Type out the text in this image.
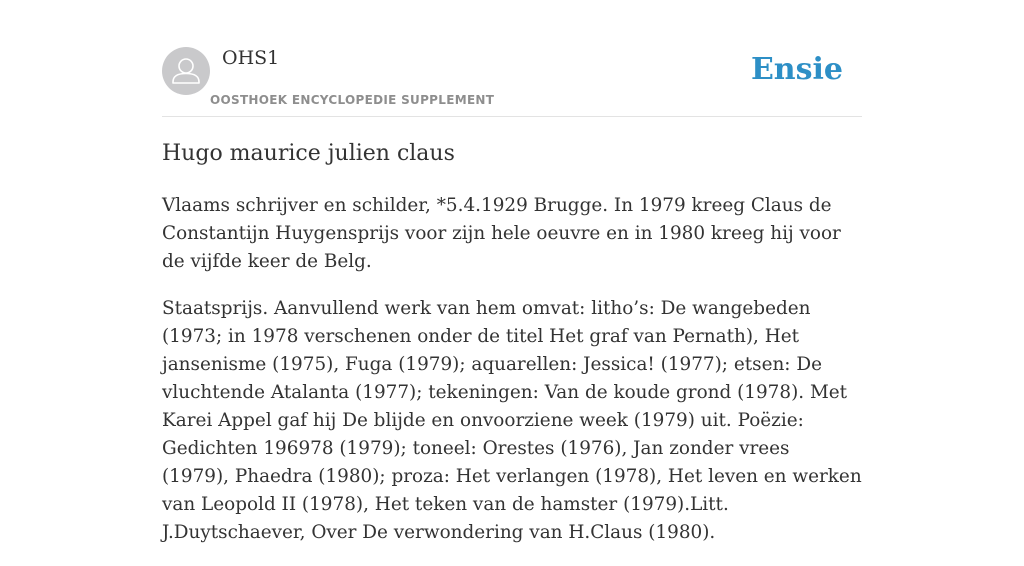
OHS1
OOSTHOEK ENCYCLOPEDIE SUPPLEMENT
Ensie
Hugo maurice julien claus

Vlaams schrijver en schilder, *5.4.1929 Brugge. In 1979 kreeg Claus de Constantijn Huygensprijs voor zijn hele oeuvre en in 1980 kreeg hij voor de vijfde keer de Belg.

Staatsprijs. Aanvullend werk van hem omvat: litho’s: De wangebeden (1973; in 1978 verschenen onder de titel Het graf van Pernath), Het jansenisme (1975), Fuga (1979); aquarellen: Jessica! (1977); etsen: De vluchtende Atalanta (1977); tekeningen: Van de koude grond (1978). Met Karei Appel gaf hij De blijde en onvoorziene week (1979) uit. Poëzie: Gedichten 196978 (1979); toneel: Orestes (1976), Jan zonder vrees (1979), Phaedra (1980); proza: Het verlangen (1978), Het leven en werken van Leopold II (1978), Het teken van de hamster (1979).Litt. J.Duytschaever, Over De verwondering van H.Claus (1980).
